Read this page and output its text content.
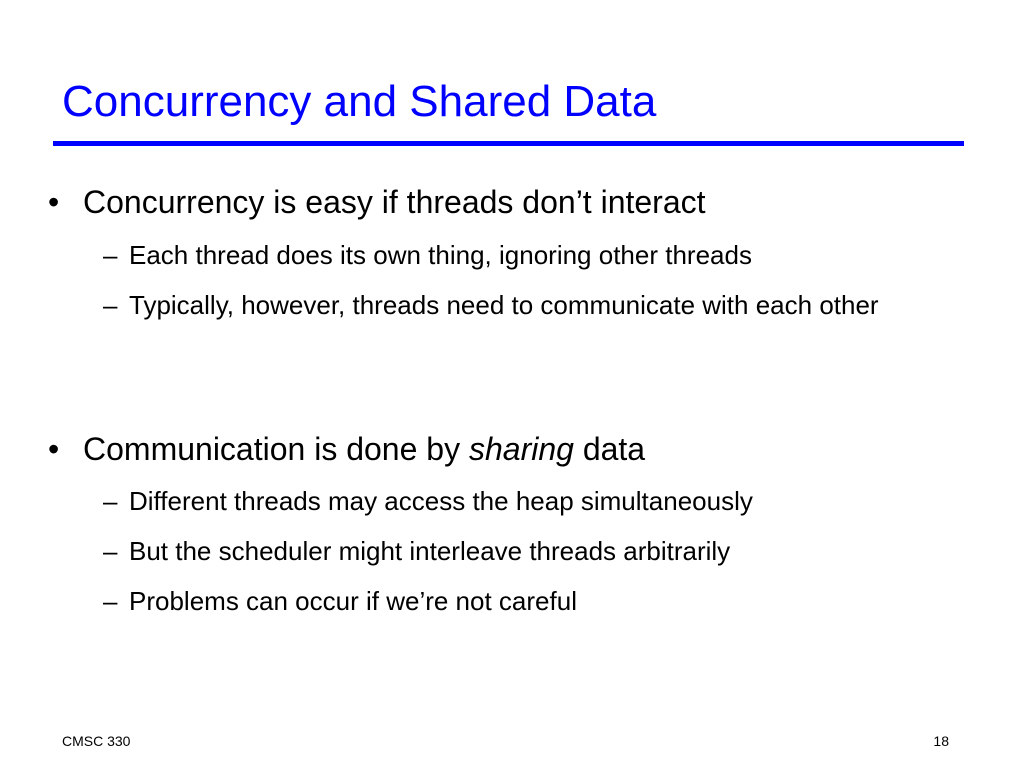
Concurrency and Shared Data
• Concurrency is easy if threads don’t interact
– Each thread does its own thing, ignoring other threads
– Typically, however, threads need to communicate with each other
• Communication is done by sharing data
– Different threads may access the heap simultaneously
– But the scheduler might interleave threads arbitrarily
– Problems can occur if we’re not careful
CMSC 330	18
